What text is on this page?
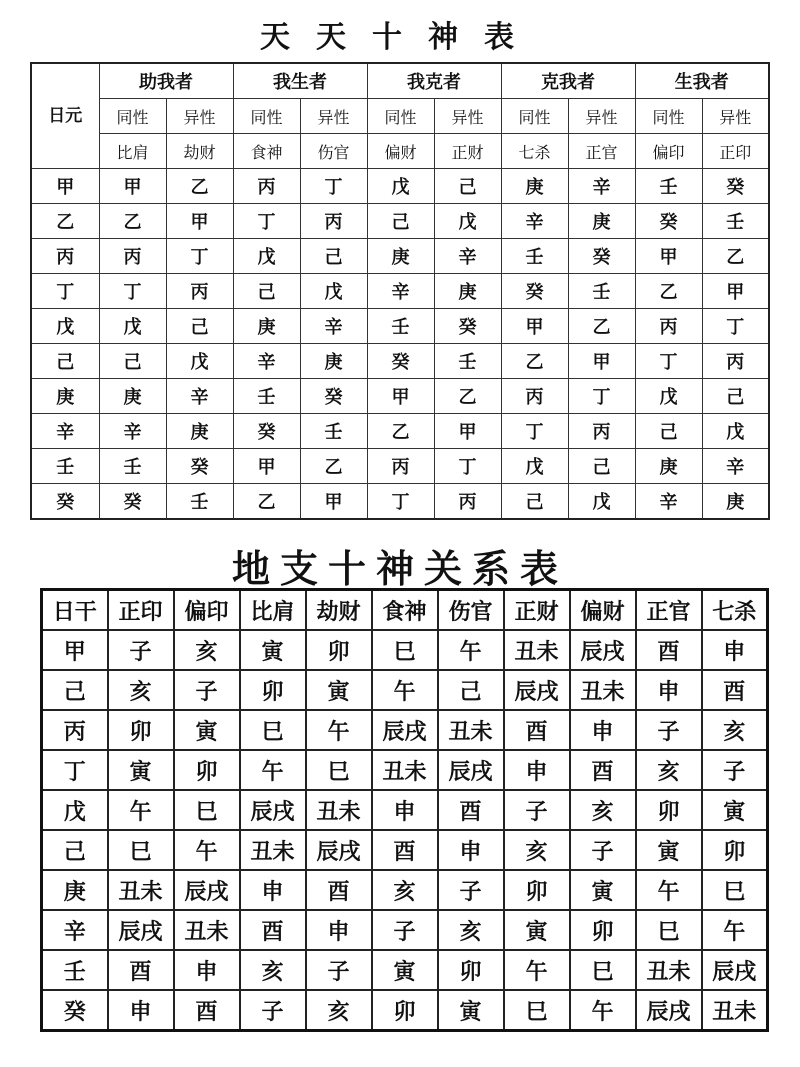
天天十神表
日元	助我者		我生者		我克者		克我者		生我者	
	同性	异性	同性	异性	同性	异性	同性	异性	同性	异性
	比肩	劫财	食神	伤官	偏财	正财	七杀	正官	偏印	正印
甲	甲	乙	丙	丁	戊	己	庚	辛	壬	癸
乙	乙	甲	丁	丙	己	戊	辛	庚	癸	壬
丙	丙	丁	戊	己	庚	辛	壬	癸	甲	乙
丁	丁	丙	己	戊	辛	庚	癸	壬	乙	甲
戊	戊	己	庚	辛	壬	癸	甲	乙	丙	丁
己	己	戊	辛	庚	癸	壬	乙	甲	丁	丙
庚	庚	辛	壬	癸	甲	乙	丙	丁	戊	己
辛	辛	庚	癸	壬	乙	甲	丁	丙	己	戊
壬	壬	癸	甲	乙	丙	丁	戊	己	庚	辛
癸	癸	壬	乙	甲	丁	丙	己	戊	辛	庚
地支十神关系表
日干	正印	偏印	比肩	劫财	食神	伤官	正财	偏财	正官	七杀
甲	子	亥	寅	卯	巳	午	丑未	辰戌	酉	申
己	亥	子	卯	寅	午	己	辰戌	丑未	申	酉
丙	卯	寅	巳	午	辰戌	丑未	酉	申	子	亥
丁	寅	卯	午	巳	丑未	辰戌	申	酉	亥	子
戊	午	巳	辰戌	丑未	申	酉	子	亥	卯	寅
己	巳	午	丑未	辰戌	酉	申	亥	子	寅	卯
庚	丑未	辰戌	申	酉	亥	子	卯	寅	午	巳
辛	辰戌	丑未	酉	申	子	亥	寅	卯	巳	午
壬	酉	申	亥	子	寅	卯	午	巳	丑未	辰戌
癸	申	酉	子	亥	卯	寅	巳	午	辰戌	丑未
